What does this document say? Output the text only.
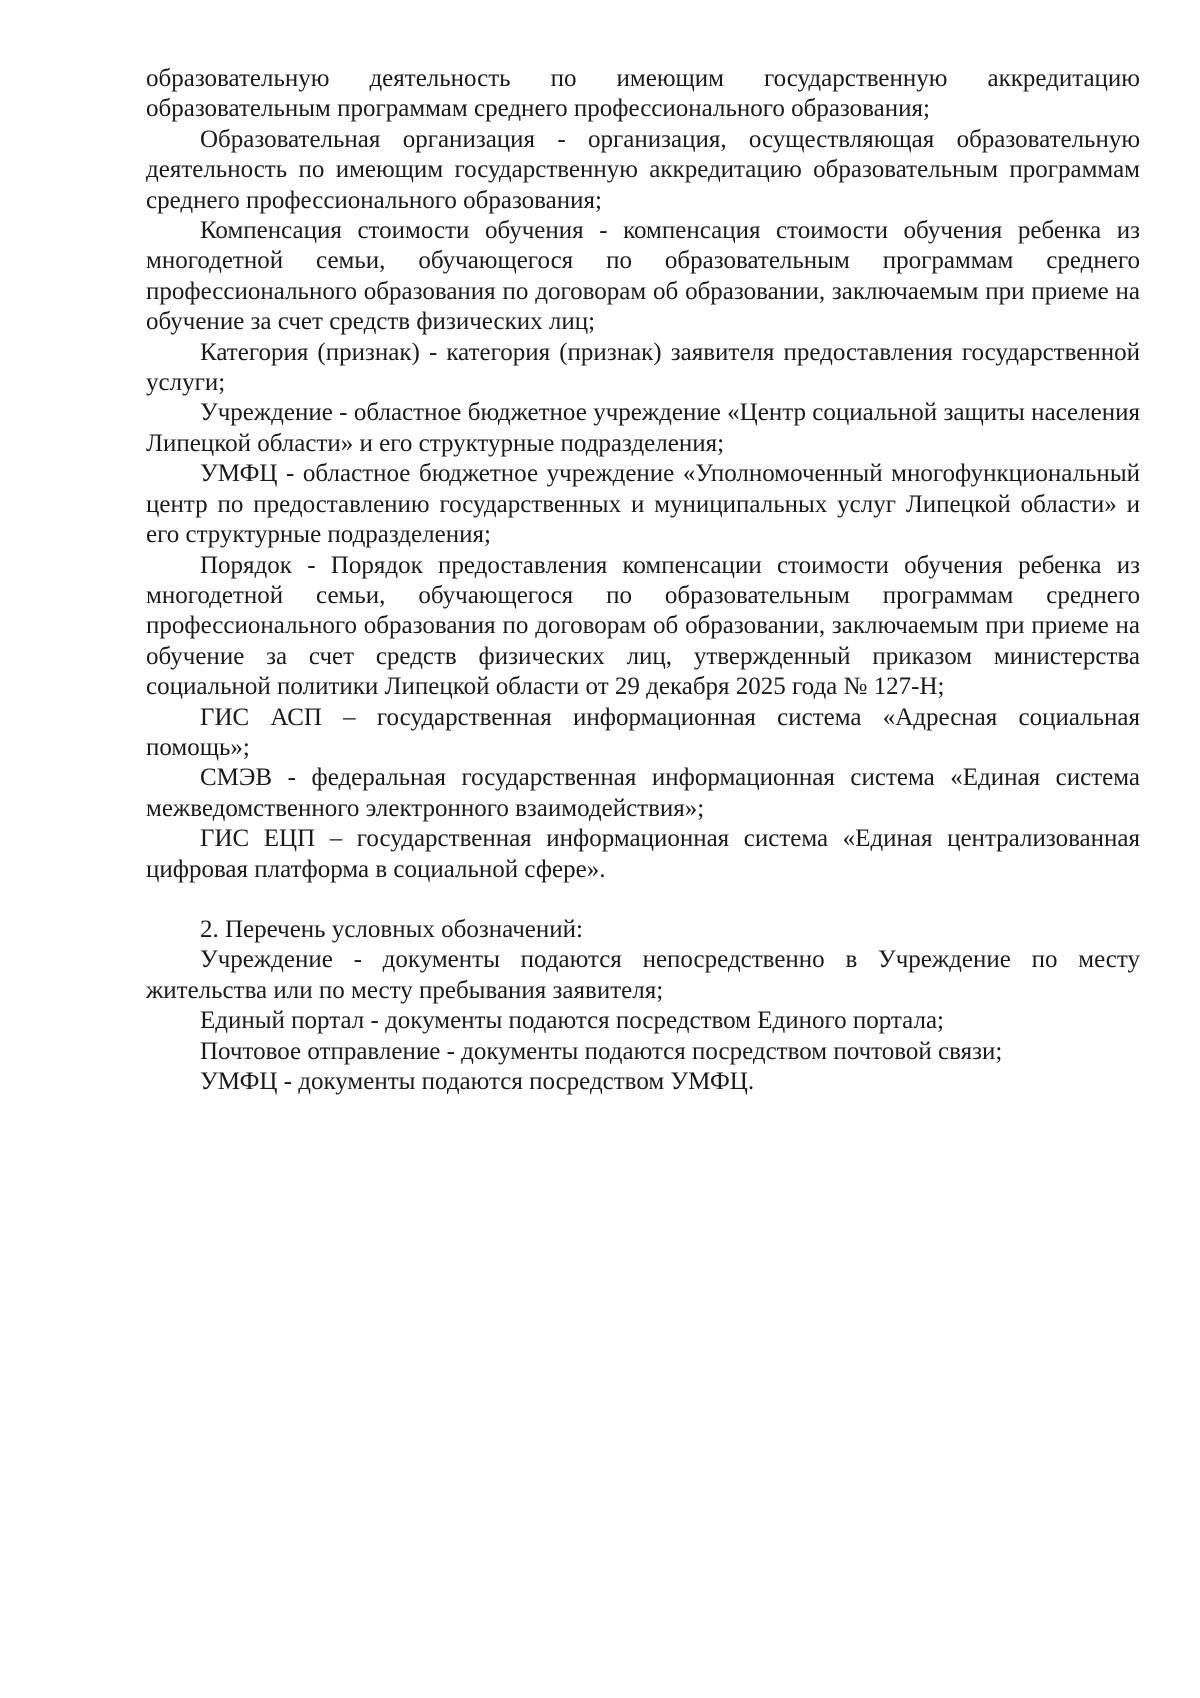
образовательную деятельность по имеющим государственную аккредитацию образовательным программам среднего профессионального образования;

Образовательная организация - организация, осуществляющая образовательную деятельность по имеющим государственную аккредитацию образовательным программам среднего профессионального образования;

Компенсация стоимости обучения - компенсация стоимости обучения ребенка из многодетной семьи, обучающегося по образовательным программам среднего профессионального образования по договорам об образовании, заключаемым при приеме на обучение за счет средств физических лиц;

Категория (признак) - категория (признак) заявителя предоставления государственной услуги;

Учреждение - областное бюджетное учреждение «Центр социальной защиты населения Липецкой области» и его структурные подразделения;

УМФЦ - областное бюджетное учреждение «Уполномоченный многофункциональный центр по предоставлению государственных и муниципальных услуг Липецкой области» и его структурные подразделения;

Порядок - Порядок предоставления компенсации стоимости обучения ребенка из многодетной семьи, обучающегося по образовательным программам среднего профессионального образования по договорам об образовании, заключаемым при приеме на обучение за счет средств физических лиц, утвержденный приказом министерства социальной политики Липецкой области от 29 декабря 2025 года № 127-Н;

ГИС АСП – государственная информационная система «Адресная социальная помощь»;

СМЭВ - федеральная государственная информационная система «Единая система межведомственного электронного взаимодействия»;

ГИС ЕЦП – государственная информационная система «Единая централизованная цифровая платформа в социальной сфере».

2. Перечень условных обозначений:

Учреждение - документы подаются непосредственно в Учреждение по месту жительства или по месту пребывания заявителя;

Единый портал - документы подаются посредством Единого портала;

Почтовое отправление - документы подаются посредством почтовой связи;

УМФЦ - документы подаются посредством УМФЦ.
